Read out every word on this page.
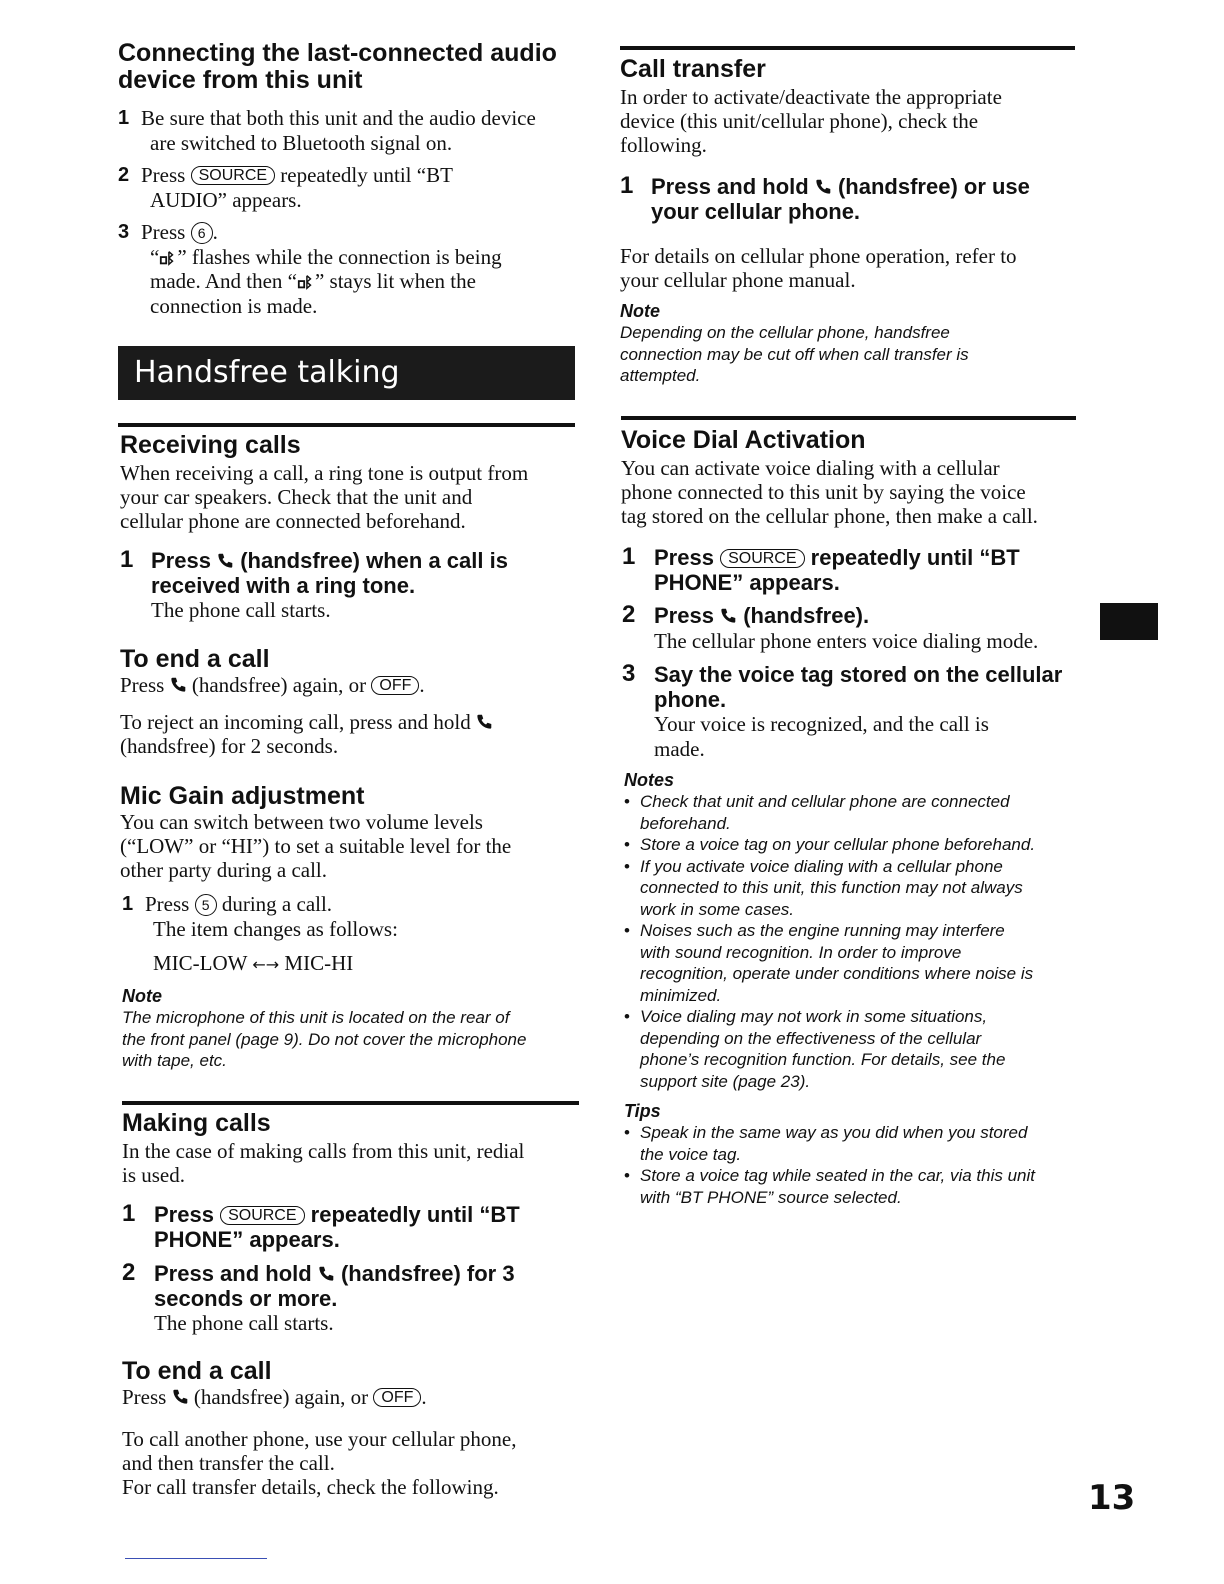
Connecting the last-connected audio
device from this unit
1 Be sure that both this unit and the audio device
are switched to Bluetooth signal on.
2 Press SOURCE repeatedly until “BT
AUDIO” appears.
3 Press 6 .
“ ” flashes while the connection is being
made. And then “ ” stays lit when the
connection is made.
Handsfree talking
Receiving calls

When receiving a call, a ring tone is output from
your car speakers. Check that the unit and
cellular phone are connected beforehand.

1 Press (handsfree) when a call is
received with a ring tone.
The phone call starts.
To end a call

Press (handsfree) again, or OFF .

To reject an incoming call, press and hold
(handsfree) for 2 seconds.

Mic Gain adjustment

You can switch between two volume levels
(“LOW” or “HI”) to set a suitable level for the
other party during a call.

1 Press 5 during a call.
The item changes as follows:
MIC-LOW ←→ MIC-HI
Note
The microphone of this unit is located on the rear of
the front panel (page 9). Do not cover the microphone
with tape, etc.
Making calls

In the case of making calls from this unit, redial
is used.

1 Press SOURCE repeatedly until “BT
PHONE” appears.
2 Press and hold (handsfree) for 3
seconds or more.
The phone call starts.
To end a call

Press (handsfree) again, or OFF .

To call another phone, use your cellular phone,
and then transfer the call.
For call transfer details, check the following.

Call transfer

In order to activate/deactivate the appropriate
device (this unit/cellular phone), check the
following.

1 Press and hold (handsfree) or use
your cellular phone.

For details on cellular phone operation, refer to
your cellular phone manual.

Note
Depending on the cellular phone, handsfree
connection may be cut off when call transfer is
attempted.
Voice Dial Activation

You can activate voice dialing with a cellular
phone connected to this unit by saying the voice
tag stored on the cellular phone, then make a call.

1 Press SOURCE repeatedly until “BT
PHONE” appears.
2 Press (handsfree).
The cellular phone enters voice dialing mode.
3 Say the voice tag stored on the cellular
phone.
Your voice is recognized, and the call is
made.
Notes
• Check that unit and cellular phone are connected
beforehand.
• Store a voice tag on your cellular phone beforehand.
• If you activate voice dialing with a cellular phone
connected to this unit, this function may not always
work in some cases.
• Noises such as the engine running may interfere
with sound recognition. In order to improve
recognition, operate under conditions where noise is
minimized.
• Voice dialing may not work in some situations,
depending on the effectiveness of the cellular
phone’s recognition function. For details, see the
support site (page 23).
Tips
• Speak in the same way as you did when you stored
the voice tag.
• Store a voice tag while seated in the car, via this unit
with “BT PHONE” source selected.
13
